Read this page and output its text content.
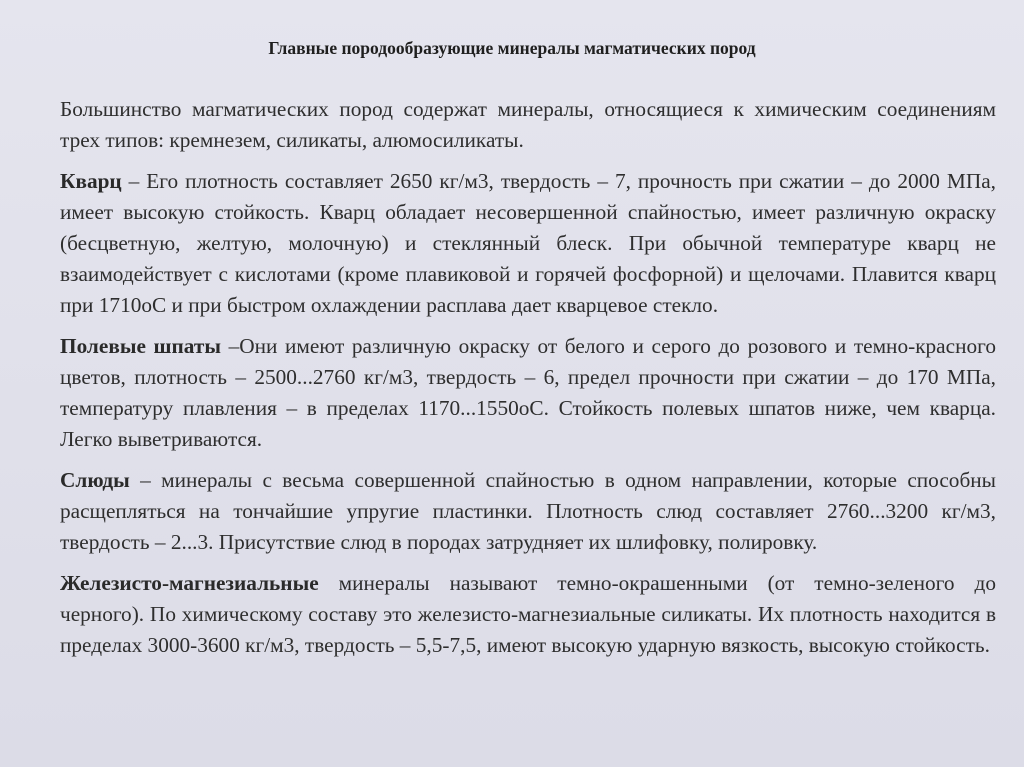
Главные породообразующие минералы магматических пород

Большинство магматических пород содержат минералы, относящиеся к химическим соединениям трех типов: кремнезем, силикаты, алюмосиликаты.

Кварц – Его плотность составляет 2650 кг/м3, твердость – 7, прочность при сжатии – до 2000 МПа, имеет высокую стойкость. Кварц обладает несовершенной спайностью, имеет различную окраску (бесцветную, желтую, молочную) и стеклянный блеск. При обычной температуре кварц не взаимодействует с кислотами (кроме плавиковой и горячей фосфорной) и щелочами. Плавится кварц при 1710оС и при быстром охлаждении расплава дает кварцевое стекло.

Полевые шпаты –Они имеют различную окраску от белого и серого до розового и темно-красного цветов, плотность – 2500...2760 кг/м3, твердость – 6, предел прочности при сжатии – до 170 МПа, температуру плавления – в пределах 1170...1550оС. Стойкость полевых шпатов ниже, чем кварца. Легко выветриваются.

Слюды – минералы с весьма совершенной спайностью в одном направлении, которые способны расщепляться на тончайшие упругие пластинки. Плотность слюд составляет 2760...3200 кг/м3, твердость – 2...3. Присутствие слюд в породах затрудняет их шлифовку, полировку.

Железисто-магнезиальные минералы называют темно-окрашенными (от темно-зеленого до черного). По химическому составу это железисто-магнезиальные силикаты. Их плотность находится в пределах 3000-3600 кг/м3, твердость – 5,5-7,5, имеют высокую ударную вязкость, высокую стойкость.
